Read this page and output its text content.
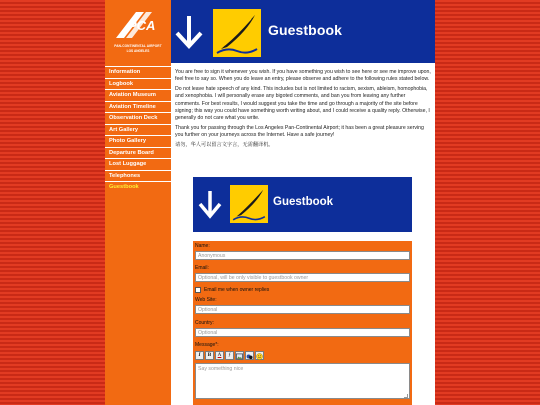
PCA
PAN-CONTINENTAL AIRPORT
LOS ANGELES
Information
Logbook
Aviation Museum
Aviation Timeline
Observation Deck
Art Gallery
Photo Gallery
Departure Board
Lost Luggage
Telephones
Guestbook
Guestbook

You are free to sign it whenever you wish. If you have something you wish to see here or see me improve upon, feel free to say so. When you do leave an entry, please observe and adhere to the following rules stated below.

Do not leave hate speech of any kind. This includes but is not limited to racism, sexism, ableism, homophobia, and xenophobia. I will personally erase any bigoted comments, and ban you from leaving any further comments. For best results, I would suggest you take the time and go through a majority of the site before signing; this way you could have something worth writing about, and I could receive a quality reply. Otherwise, I generally do not care what you write.

Thank you for passing through the Los Angeles Pan-Continental Airport; it has been a great pleasure serving you further on your journeys across the Internet. Have a safe journey!

请勿，华人可以留言文字言，无需翻译机。

Guestbook
Name:
Anonymous
Email:
Optional, will be only visible to guestbook owner
Email me when owner replies
Web Site:
Optional
Country:
Optional
Message*:
I	B	A	ƒ
Say something nice
